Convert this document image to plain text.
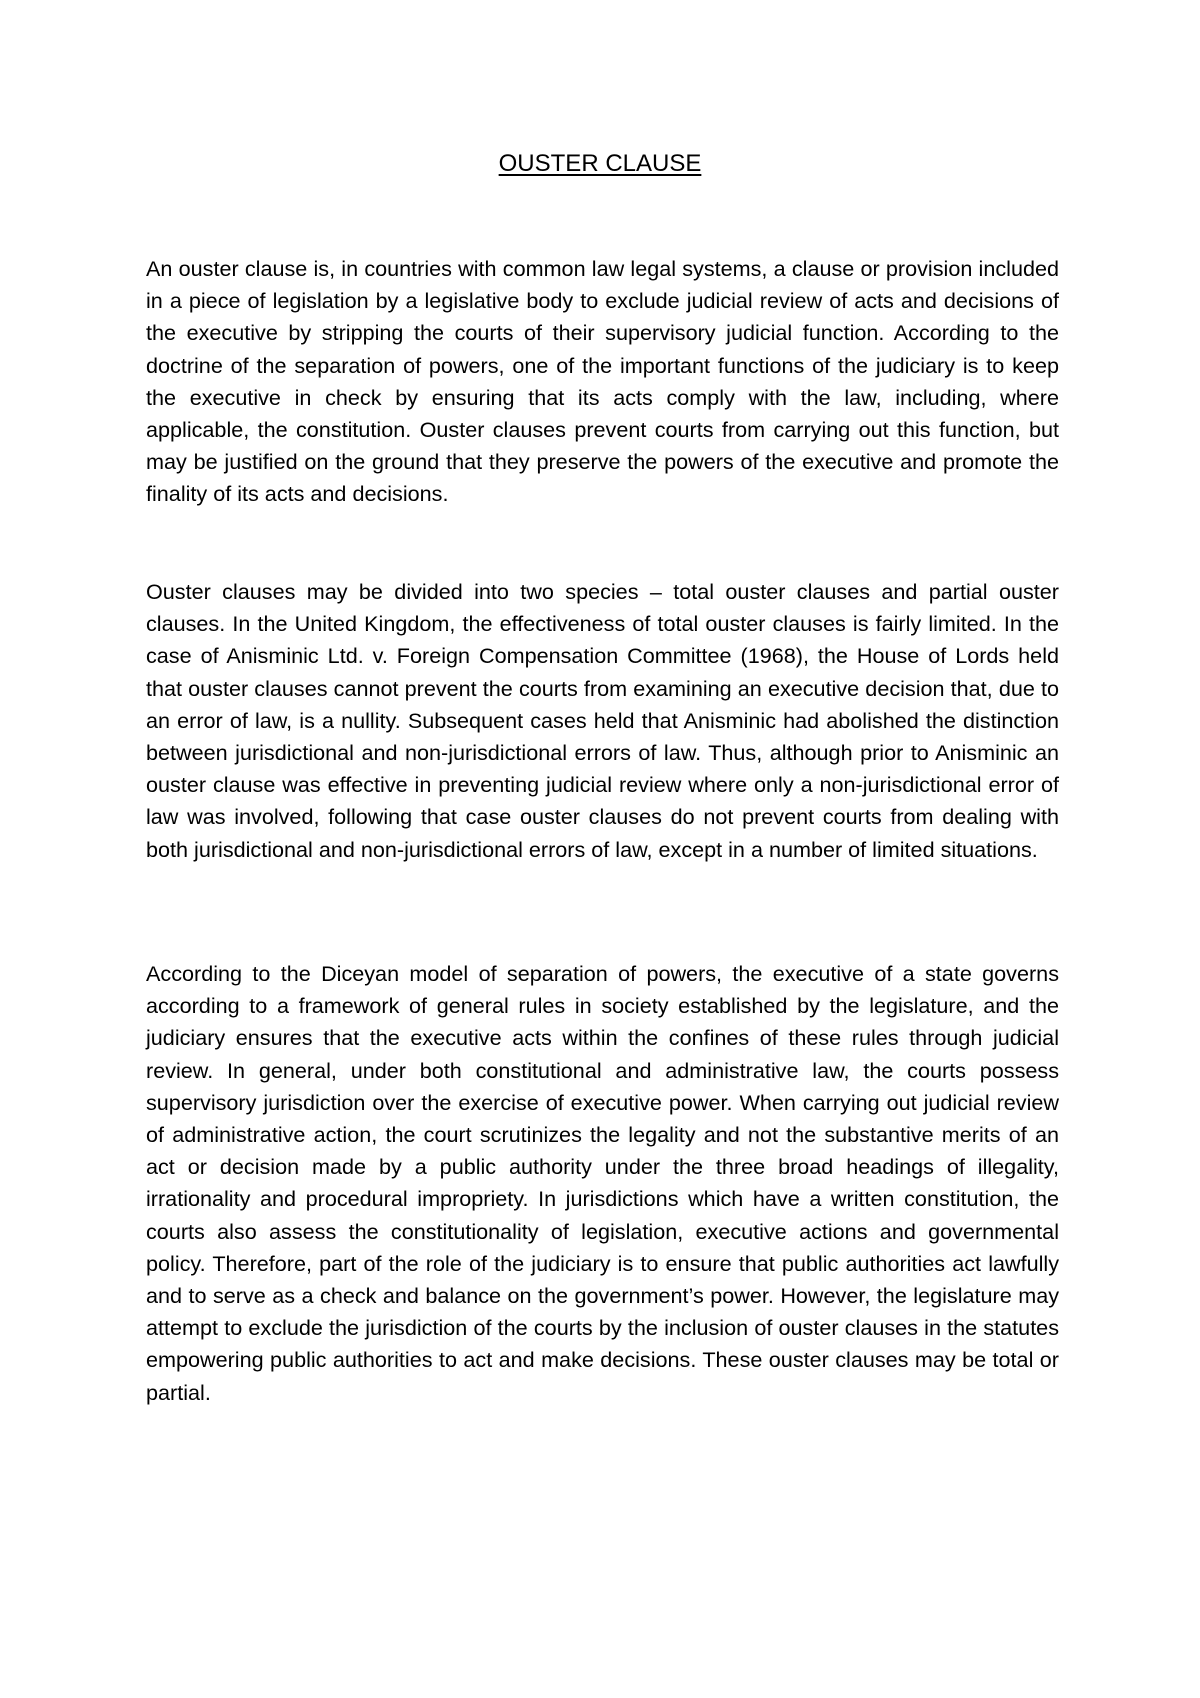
OUSTER CLAUSE

An ouster clause is, in countries with common law legal systems, a clause or provision included in a piece of legislation by a legislative body to exclude judicial review of acts and decisions of the executive by stripping the courts of their supervisory judicial function. According to the doctrine of the separation of powers, one of the important functions of the judiciary is to keep the executive in check by ensuring that its acts comply with the law, including, where applicable, the constitution. Ouster clauses prevent courts from carrying out this function, but may be justified on the ground that they preserve the powers of the executive and promote the finality of its acts and decisions.

Ouster clauses may be divided into two species – total ouster clauses and partial ouster clauses. In the United Kingdom, the effectiveness of total ouster clauses is fairly limited. In the case of Anisminic Ltd. v. Foreign Compensation Committee (1968), the House of Lords held that ouster clauses cannot prevent the courts from examining an executive decision that, due to an error of law, is a nullity. Subsequent cases held that Anisminic had abolished the distinction between jurisdictional and non-jurisdictional errors of law. Thus, although prior to Anisminic an ouster clause was effective in preventing judicial review where only a non-jurisdictional error of law was involved, following that case ouster clauses do not prevent courts from dealing with both jurisdictional and non-jurisdictional errors of law, except in a number of limited situations.

According to the Diceyan model of separation of powers, the executive of a state governs according to a framework of general rules in society established by the legislature, and the judiciary ensures that the executive acts within the confines of these rules through judicial review. In general, under both constitutional and administrative law, the courts possess supervisory jurisdiction over the exercise of executive power. When carrying out judicial review of administrative action, the court scrutinizes the legality and not the substantive merits of an act or decision made by a public authority under the three broad headings of illegality, irrationality and procedural impropriety. In jurisdictions which have a written constitution, the courts also assess the constitutionality of legislation, executive actions and governmental policy. Therefore, part of the role of the judiciary is to ensure that public authorities act lawfully and to serve as a check and balance on the government’s power. However, the legislature may attempt to exclude the jurisdiction of the courts by the inclusion of ouster clauses in the statutes empowering public authorities to act and make decisions. These ouster clauses may be total or partial.
